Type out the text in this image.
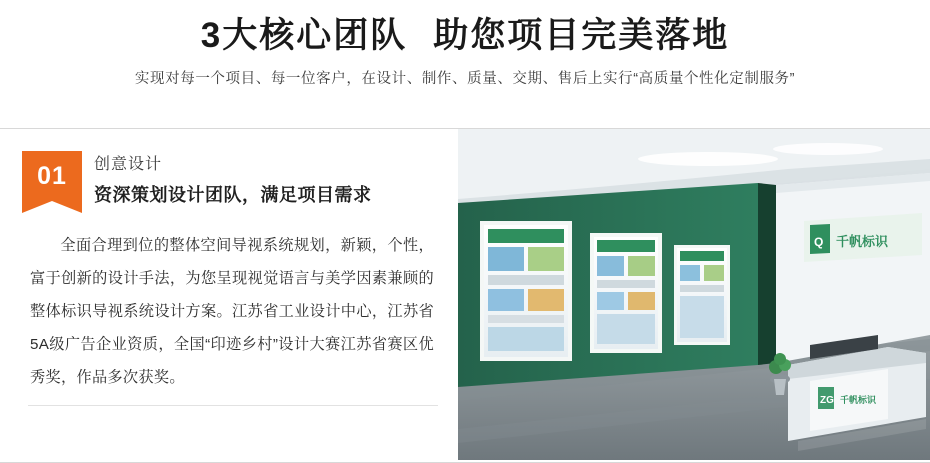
3大核心团队 助您项目完美落地
实现对每一个项目、每一位客户，在设计、制作、质量、交期、售后上实行“高质量个性化定制服务”
01	创意设计
资深策划设计团队，满足项目需求
全面合理到位的整体空间导视系统规划，新颖，个性，富于创新的设计手法，为您呈现视觉语言与美学因素兼顾的整体标识导视系统设计方案。江苏省工业设计中心，江苏省5A级广告企业资质，全国“印迹乡村”设计大赛江苏省赛区优秀奖，作品多次获奖。
Q 千帆标识
ZG 千帆标识
